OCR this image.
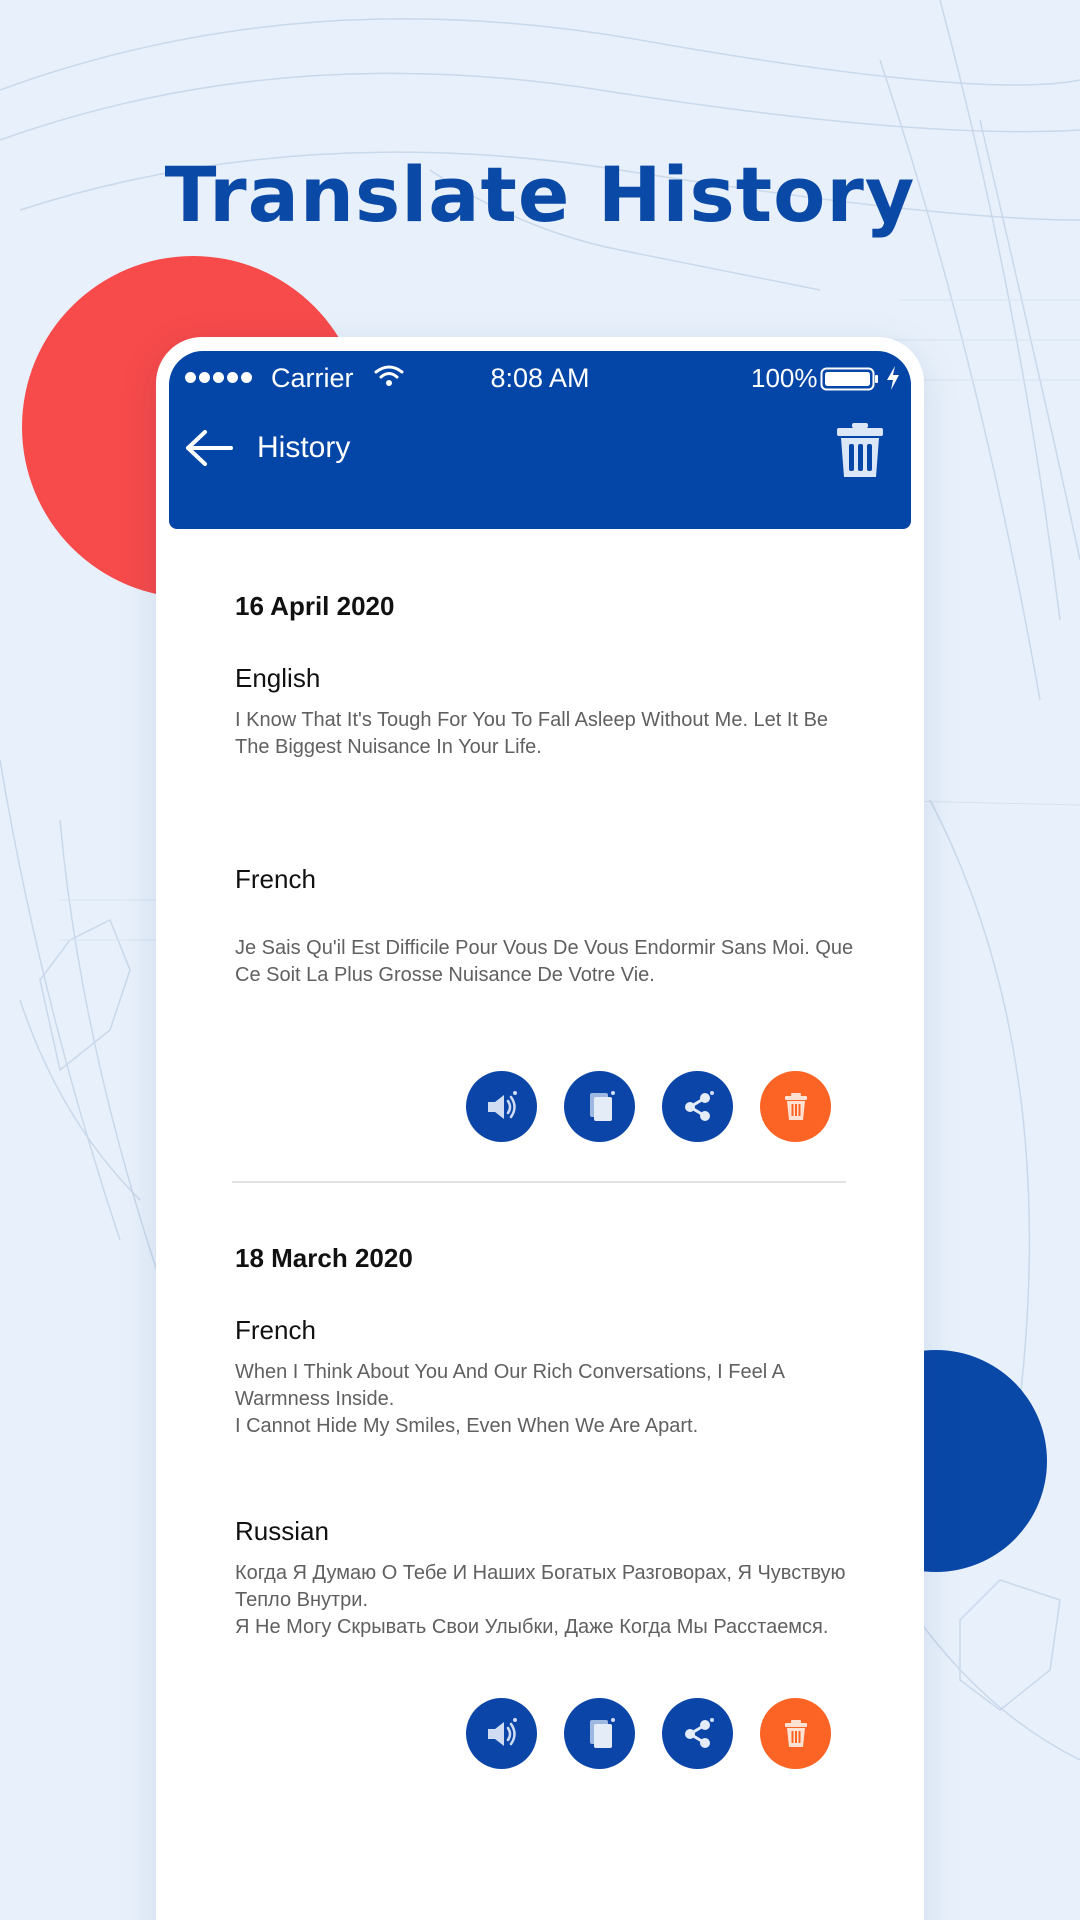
Translate History
Carrier	8:08 AM	100%
History
16 April 2020
English
I Know That It's Tough For You To Fall Asleep Without Me. Let It Be The Biggest Nuisance In Your Life.
French
Je Sais Qu'il Est Difficile Pour Vous De Vous Endormir Sans Moi. Que Ce Soit La Plus Grosse Nuisance De Votre Vie.
18 March 2020
French
When I Think About You And Our Rich Conversations, I Feel A Warmness Inside.
I Cannot Hide My Smiles, Even When We Are Apart.
Russian
Когда Я Думаю О Тебе И Наших Богатых Разговорах, Я Чувствую Тепло Внутри.
Я Не Могу Скрывать Свои Улыбки, Даже Когда Мы Расстаемся.
